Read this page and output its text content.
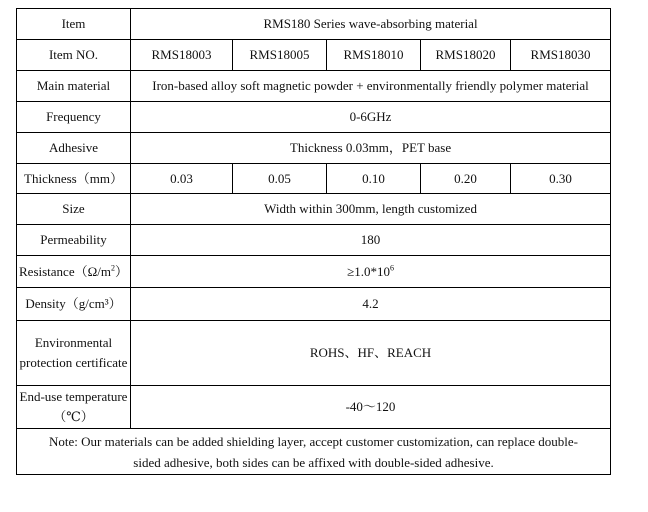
Item	RMS180 Series wave-absorbing material				
Item NO.	RMS18003	RMS18005	RMS18010	RMS18020	RMS18030
Main material	Iron-based alloy soft magnetic powder + environmentally friendly polymer material				
Frequency	0-6GHz				
Adhesive	Thickness 0.03mm，PET base				
Thickness（mm）	0.03	0.05	0.10	0.20	0.30
Size	Width within 300mm, length customized				
Permeability	180				
$Resistance(\Omega/m^2)$	$\ge 1.0*10^6$
Density（g/cm³）	4.2				
Environmental protection certificate	ROHS、HF、REACH				
End-use temperature（℃）	-40～120				
Note: Our materials can be added shielding layer, accept customer customization, can replace double-sided adhesive, both sides can be affixed with double-sided adhesive.					
